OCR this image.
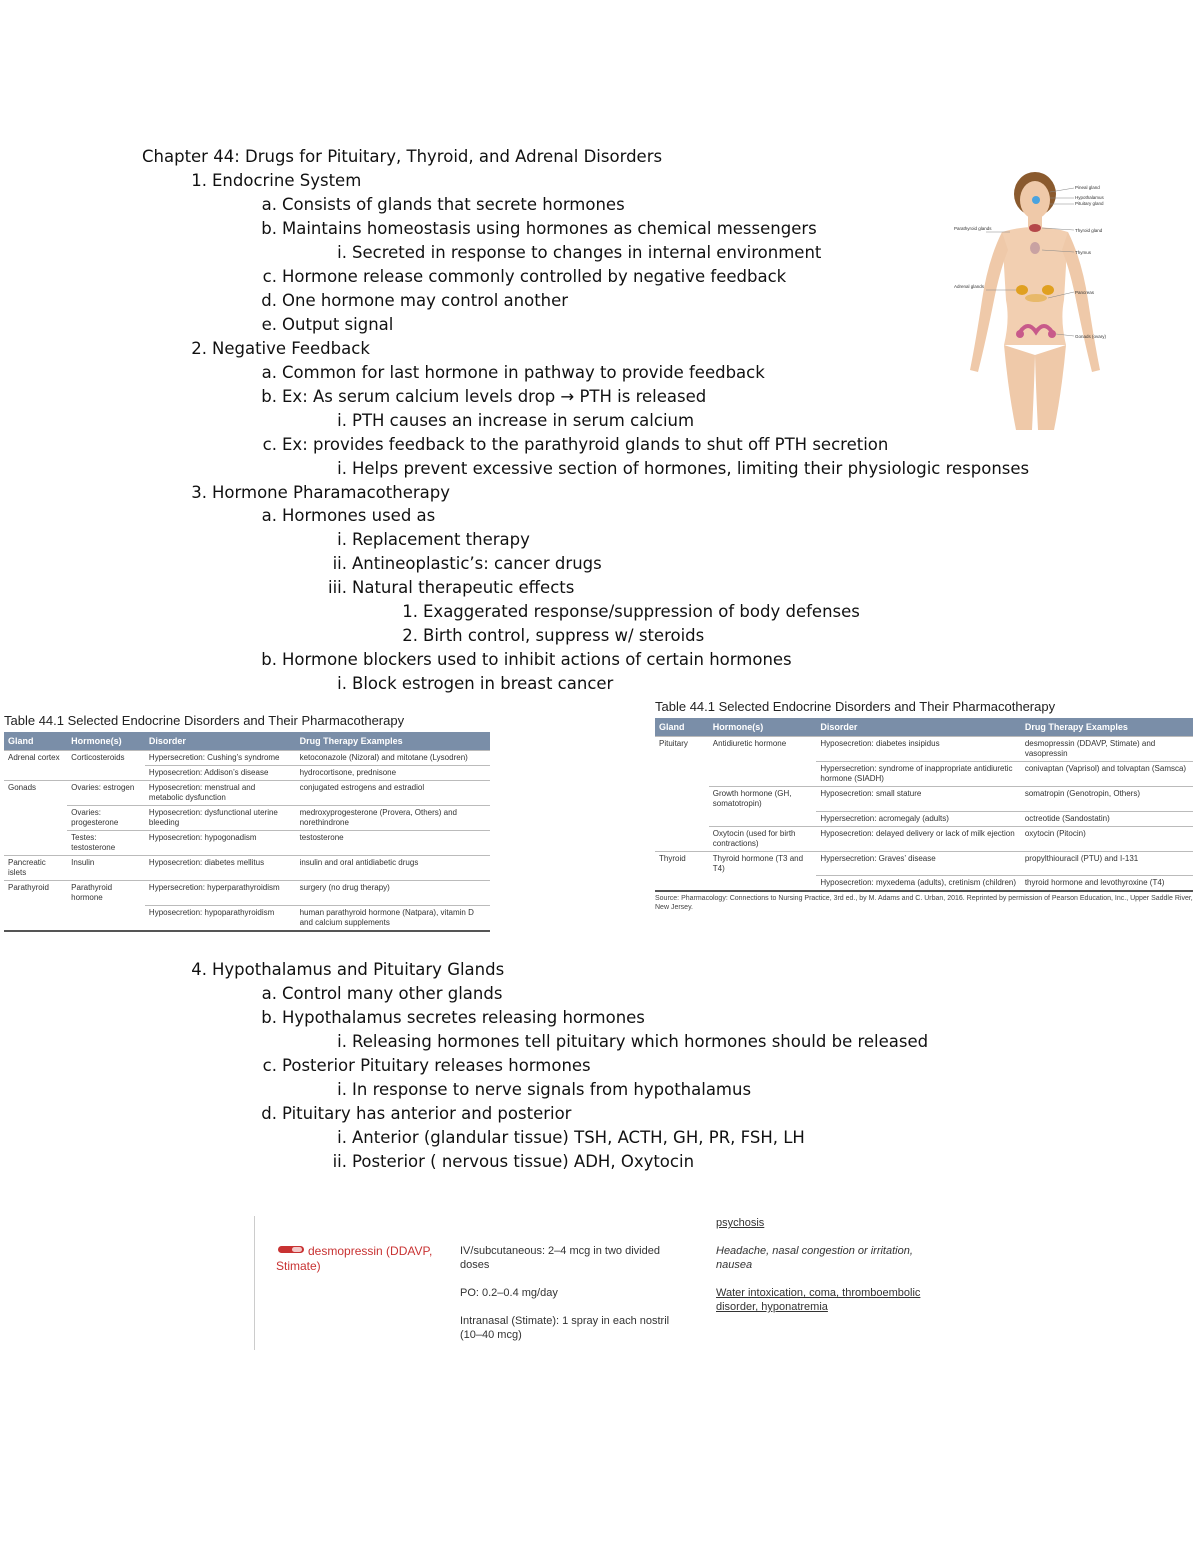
Chapter 44: Drugs for Pituitary, Thyroid, and Adrenal Disorders
1. Endocrine System
a. Consists of glands that secrete hormones
b. Maintains homeostasis using hormones as chemical messengers
i. Secreted in response to changes in internal environment
c. Hormone release commonly controlled by negative feedback
d. One hormone may control another
e. Output signal
2. Negative Feedback
a. Common for last hormone in pathway to provide feedback
b. Ex: As serum calcium levels drop → PTH is released
i. PTH causes an increase in serum calcium
c. Ex: provides feedback to the parathyroid glands to shut off PTH secretion
i. Helps prevent excessive section of hormones, limiting their physiologic responses
3. Hormone Pharamacotherapy
a. Hormones used as
i. Replacement therapy
ii. Antineoplastic’s: cancer drugs
iii. Natural therapeutic effects
1. Exaggerated response/suppression of body defenses
2. Birth control, suppress w/ steroids
b. Hormone blockers used to inhibit actions of certain hormones
i. Block estrogen in breast cancer
4. Hypothalamus and Pituitary Glands
a. Control many other glands
b. Hypothalamus secretes releasing hormones
i. Releasing hormones tell pituitary which hormones should be released
c. Posterior Pituitary releases hormones
i. In response to nerve signals from hypothalamus
d. Pituitary has anterior and posterior
i. Anterior (glandular tissue) TSH, ACTH, GH, PR, FSH, LH
ii. Posterior ( nervous tissue) ADH, Oxytocin
Pineal gland
Hypothalamus
Pituitary gland
Thyroid gland
Thymus
Parathyroid glands
Adrenal glands
Pancreas
Gonads (ovary)
Table 44.1 Selected Endocrine Disorders and Their Pharmacotherapy
Gland	Hormone(s)	Disorder	Drug Therapy Examples
Adrenal cortex	Corticosteroids	Hypersecretion: Cushing’s syndrome	ketoconazole (Nizoral) and mitotane (Lysodren)
		Hyposecretion: Addison’s disease	hydrocortisone, prednisone
Gonads	Ovaries: estrogen	Hyposecretion: menstrual and metabolic dysfunction	conjugated estrogens and estradiol
	Ovaries: progesterone	Hyposecretion: dysfunctional uterine bleeding	medroxyprogesterone (Provera, Others) and norethindrone
	Testes: testosterone	Hyposecretion: hypogonadism	testosterone
Pancreatic islets	Insulin	Hyposecretion: diabetes mellitus	insulin and oral antidiabetic drugs
Parathyroid	Parathyroid hormone	Hypersecretion: hyperparathyroidism	surgery (no drug therapy)
		Hyposecretion: hypoparathyroidism	human parathyroid hormone (Natpara), vitamin D and calcium supplements
Table 44.1 Selected Endocrine Disorders and Their Pharmacotherapy
Gland	Hormone(s)	Disorder	Drug Therapy Examples
Pituitary	Antidiuretic hormone	Hyposecretion: diabetes insipidus	desmopressin (DDAVP, Stimate) and vasopressin
		Hypersecretion: syndrome of inappropriate antidiuretic hormone (SIADH)	conivaptan (Vaprisol) and tolvaptan (Samsca)
	Growth hormone (GH, somatotropin)	Hyposecretion: small stature	somatropin (Genotropin, Others)
		Hypersecretion: acromegaly (adults)	octreotide (Sandostatin)
	Oxytocin (used for birth contractions)	Hyposecretion: delayed delivery or lack of milk ejection	oxytocin (Pitocin)
Thyroid	Thyroid hormone (T3 and T4)	Hypersecretion: Graves’ disease	propylthiouracil (PTU) and I-131
		Hyposecretion: myxedema (adults), cretinism (children)	thyroid hormone and levothyroxine (T4)
Source: Pharmacology: Connections to Nursing Practice, 3rd ed., by M. Adams and C. Urban, 2016. Reprinted by permission of Pearson Education, Inc., Upper Saddle River, New Jersey.
psychosis
desmopressin (DDAVP, Stimate)
IV/subcutaneous: 2–4 mcg in two divided doses
PO: 0.2–0.4 mg/day
Intranasal (Stimate): 1 spray in each nostril (10–40 mcg)
Headache, nasal congestion or irritation, nausea
Water intoxication, coma, thromboembolic disorder, hyponatremia
